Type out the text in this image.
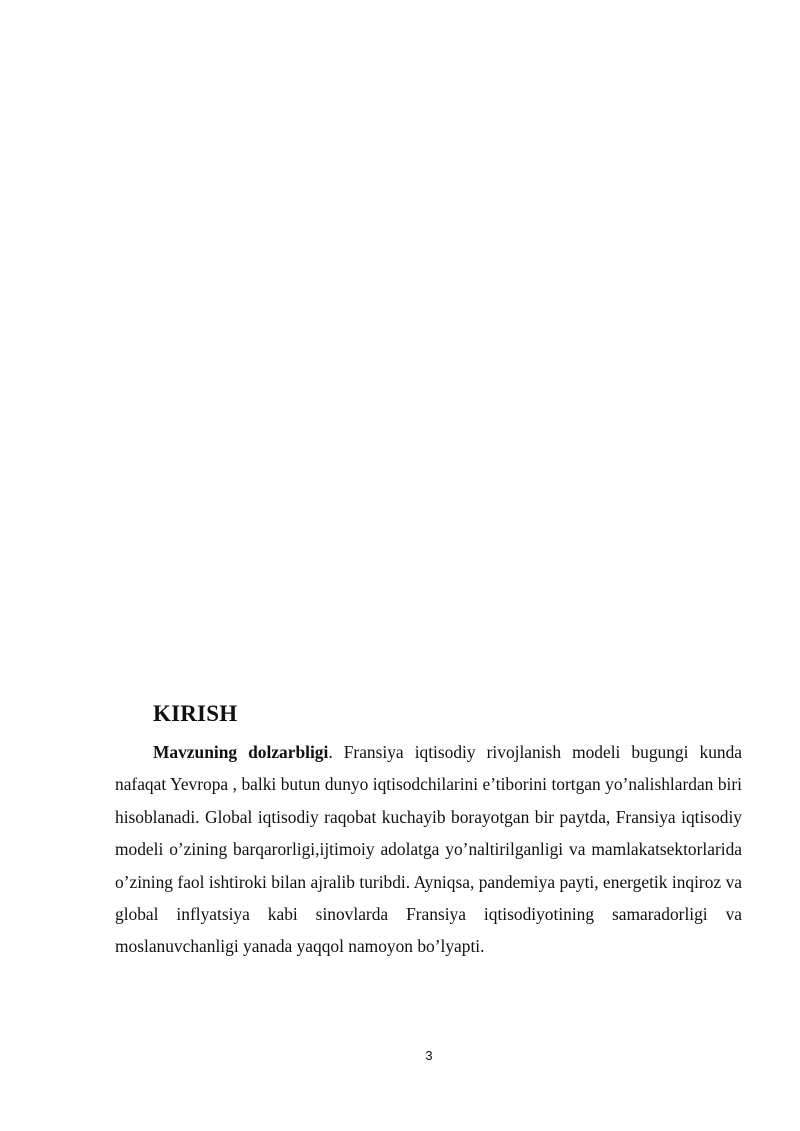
KIRISH

Mavzuning dolzarbligi. Fransiya iqtisodiy rivojlanish modeli bugungi kunda nafaqat Yevropa , balki butun dunyo iqtisodchilarini e’tiborini tortgan yo’nalishlardan biri hisoblanadi. Global iqtisodiy raqobat kuchayib borayotgan bir paytda, Fransiya iqtisodiy modeli o’zining barqarorligi,ijtimoiy adolatga yo’naltirilganligi va mamlakatsektorlarida o’zining faol ishtiroki bilan ajralib turibdi. Ayniqsa, pandemiya payti, energetik inqiroz va global inflyatsiya kabi sinovlarda Fransiya iqtisodiyotining samaradorligi va moslanuvchanligi yanada yaqqol namoyon bo’lyapti.

3
